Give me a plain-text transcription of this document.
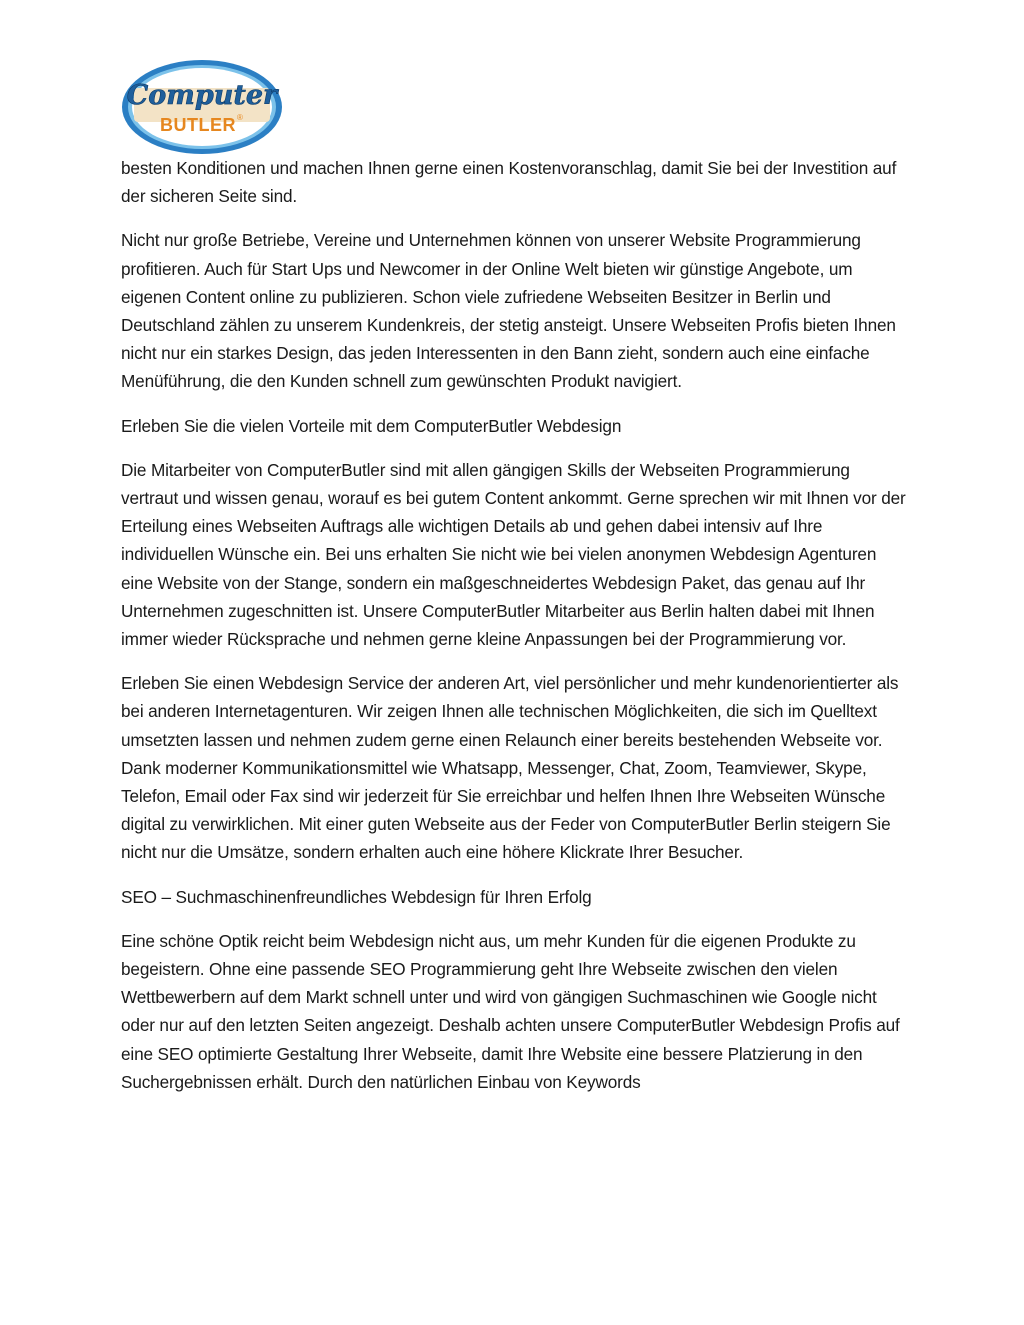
Computer
BUTLER ®

besten Konditionen und machen Ihnen gerne einen Kostenvoranschlag, damit Sie bei der Investition auf der sicheren Seite sind.

Nicht nur große Betriebe, Vereine und Unternehmen können von unserer Website Programmierung profitieren. Auch für Start Ups und Newcomer in der Online Welt bieten wir günstige Angebote, um eigenen Content online zu publizieren. Schon viele zufriedene Webseiten Besitzer in Berlin und Deutschland zählen zu unserem Kundenkreis, der stetig ansteigt. Unsere Webseiten Profis bieten Ihnen nicht nur ein starkes Design, das jeden Interessenten in den Bann zieht, sondern auch eine einfache Menüführung, die den Kunden schnell zum gewünschten Produkt navigiert.

Erleben Sie die vielen Vorteile mit dem ComputerButler Webdesign

Die Mitarbeiter von ComputerButler sind mit allen gängigen Skills der Webseiten Programmierung vertraut und wissen genau, worauf es bei gutem Content ankommt. Gerne sprechen wir mit Ihnen vor der Erteilung eines Webseiten Auftrags alle wichtigen Details ab und gehen dabei intensiv auf Ihre individuellen Wünsche ein. Bei uns erhalten Sie nicht wie bei vielen anonymen Webdesign Agenturen eine Website von der Stange, sondern ein maßgeschneidertes Webdesign Paket, das genau auf Ihr Unternehmen zugeschnitten ist. Unsere ComputerButler Mitarbeiter aus Berlin halten dabei mit Ihnen immer wieder Rücksprache und nehmen gerne kleine Anpassungen bei der Programmierung vor.

Erleben Sie einen Webdesign Service der anderen Art, viel persönlicher und mehr kundenorientierter als bei anderen Internetagenturen. Wir zeigen Ihnen alle technischen Möglichkeiten, die sich im Quelltext umsetzten lassen und nehmen zudem gerne einen Relaunch einer bereits bestehenden Webseite vor. Dank moderner Kommunikationsmittel wie Whatsapp, Messenger, Chat, Zoom, Teamviewer, Skype, Telefon, Email oder Fax sind wir jederzeit für Sie erreichbar und helfen Ihnen Ihre Webseiten Wünsche digital zu verwirklichen. Mit einer guten Webseite aus der Feder von ComputerButler Berlin steigern Sie nicht nur die Umsätze, sondern erhalten auch eine höhere Klickrate Ihrer Besucher.

SEO – Suchmaschinenfreundliches Webdesign für Ihren Erfolg

Eine schöne Optik reicht beim Webdesign nicht aus, um mehr Kunden für die eigenen Produkte zu begeistern. Ohne eine passende SEO Programmierung geht Ihre Webseite zwischen den vielen Wettbewerbern auf dem Markt schnell unter und wird von gängigen Suchmaschinen wie Google nicht oder nur auf den letzten Seiten angezeigt. Deshalb achten unsere ComputerButler Webdesign Profis auf eine SEO optimierte Gestaltung Ihrer Webseite, damit Ihre Website eine bessere Platzierung in den Suchergebnissen erhält. Durch den natürlichen Einbau von Keywords
